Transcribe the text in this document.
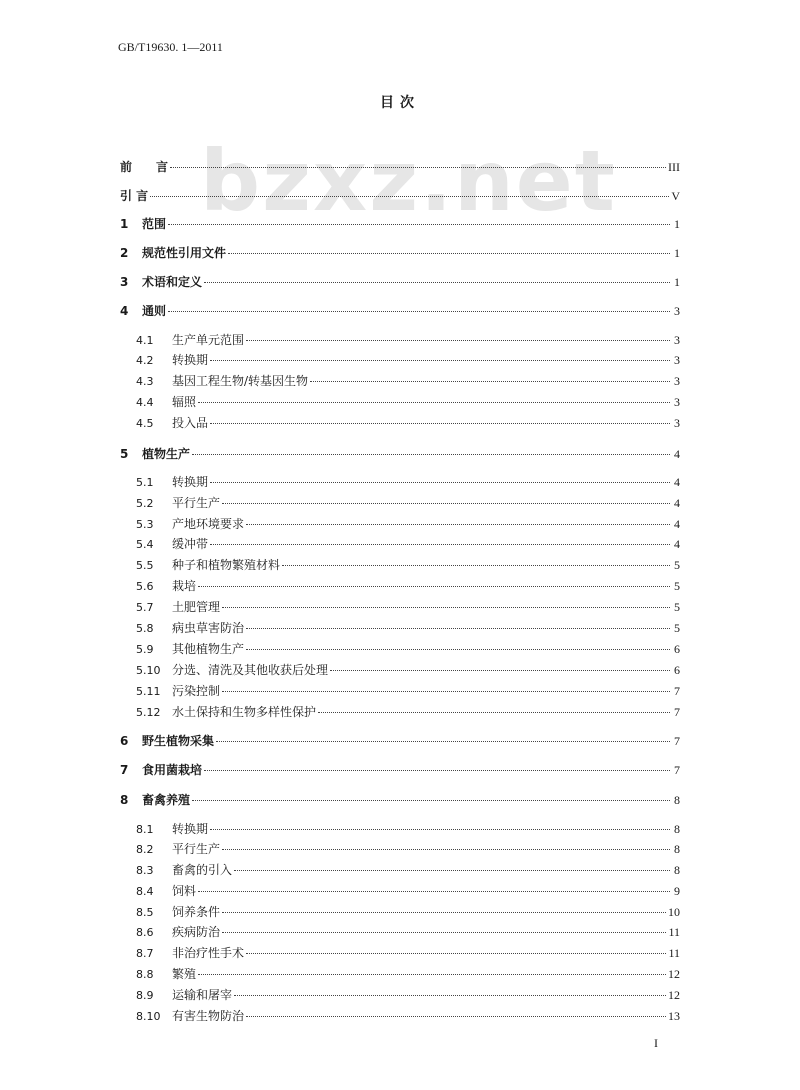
GB/T19630. 1—2011
目次
bzxz.net
前　　言	III
引 言	V
1	范围	1
2	规范性引用文件	1
3	术语和定义	1
4	通则	3
4.1	生产单元范围	3
4.2	转换期	3
4.3	基因工程生物/转基因生物	3
4.4	辐照	3
4.5	投入品	3
5	植物生产	4
5.1	转换期	4
5.2	平行生产	4
5.3	产地环境要求	4
5.4	缓冲带	4
5.5	种子和植物繁殖材料	5
5.6	栽培	5
5.7	土肥管理	5
5.8	病虫草害防治	5
5.9	其他植物生产	6
5.10 分选、清洗及其他收获后处理	6
5.11 污染控制	7
5.12 水土保持和生物多样性保护	7
6	野生植物采集	7
7	食用菌栽培	7
8	畜禽养殖	8
8.1	转换期	8
8.2	平行生产	8
8.3	畜禽的引入	8
8.4	饲料	9
8.5	饲养条件	10
8.6	疾病防治	11
8.7	非治疗性手术	11
8.8	繁殖	12
8.9	运输和屠宰	12
8.10 有害生物防治	13
I
